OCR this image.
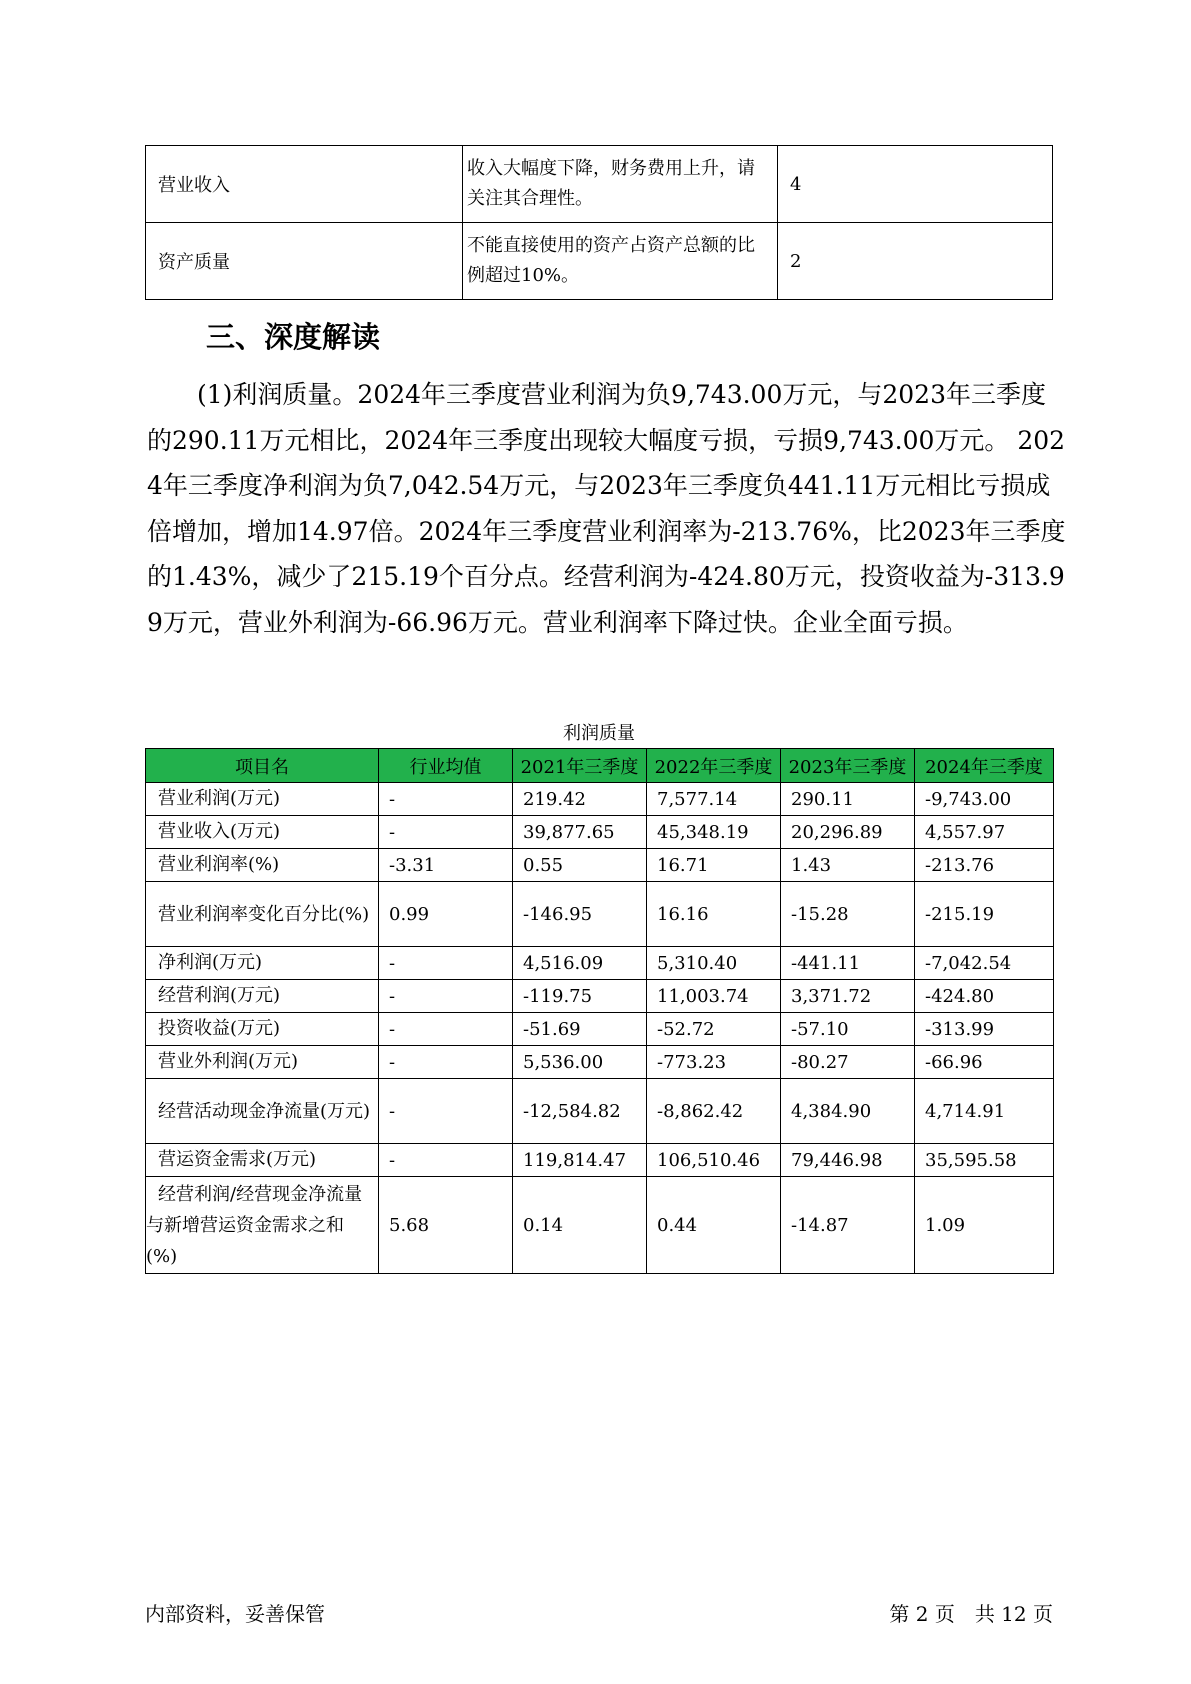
营业收入	收入大幅度下降，财务费用上升，请关注其合理性。	4
资产质量	不能直接使用的资产占资产总额的比例超过10%。	2
三、深度解读

(1)利润质量。2024年三季度营业利润为负9,743.00万元，与2023年三季度的290.11万元相比，2024年三季度出现较大幅度亏损，亏损9,743.00万元。 2024年三季度净利润为负7,042.54万元，与2023年三季度负441.11万元相比亏损成倍增加，增加14.97倍。2024年三季度营业利润率为-213.76%，比2023年三季度的1.43%，减少了215.19个百分点。经营利润为-424.80万元，投资收益为-313.99万元，营业外利润为-66.96万元。营业利润率下降过快。企业全面亏损。

利润质量
项目名	行业均值	2021年三季度	2022年三季度	2023年三季度	2024年三季度
营业利润(万元)	-	219.42	7,577.14	290.11	-9,743.00
营业收入(万元)	-	39,877.65	45,348.19	20,296.89	4,557.97
营业利润率(%)	-3.31	0.55	16.71	1.43	-213.76
营业利润率变化百分比(%)	0.99	-146.95	16.16	-15.28	-215.19
净利润(万元)	-	4,516.09	5,310.40	-441.11	-7,042.54
经营利润(万元)	-	-119.75	11,003.74	3,371.72	-424.80
投资收益(万元)	-	-51.69	-52.72	-57.10	-313.99
营业外利润(万元)	-	5,536.00	-773.23	-80.27	-66.96
经营活动现金净流量(万元)	-	-12,584.82	-8,862.42	4,384.90	4,714.91
营运资金需求(万元)	-	119,814.47	106,510.46	79,446.98	35,595.58
经营利润/经营现金净流量与新增营运资金需求之和(%)	5.68	0.14	0.44	-14.87	1.09
内部资料，妥善保管	第 2 页　共 12 页
